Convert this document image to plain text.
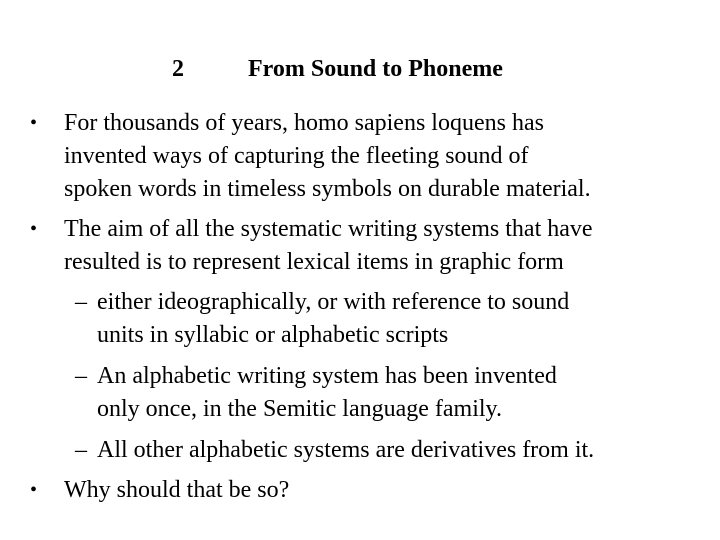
2	From Sound to Phoneme
• For thousands of years, homo sapiens loquens has
invented ways of capturing the fleeting sound of
spoken words in timeless symbols on durable material.
• The aim of all the systematic writing systems that have
resulted is to represent lexical items in graphic form
– either ideographically, or with reference to sound
units in syllabic or alphabetic scripts
– An alphabetic writing system has been invented
only once, in the Semitic language family.
– All other alphabetic systems are derivatives from it.
• Why should that be so?
